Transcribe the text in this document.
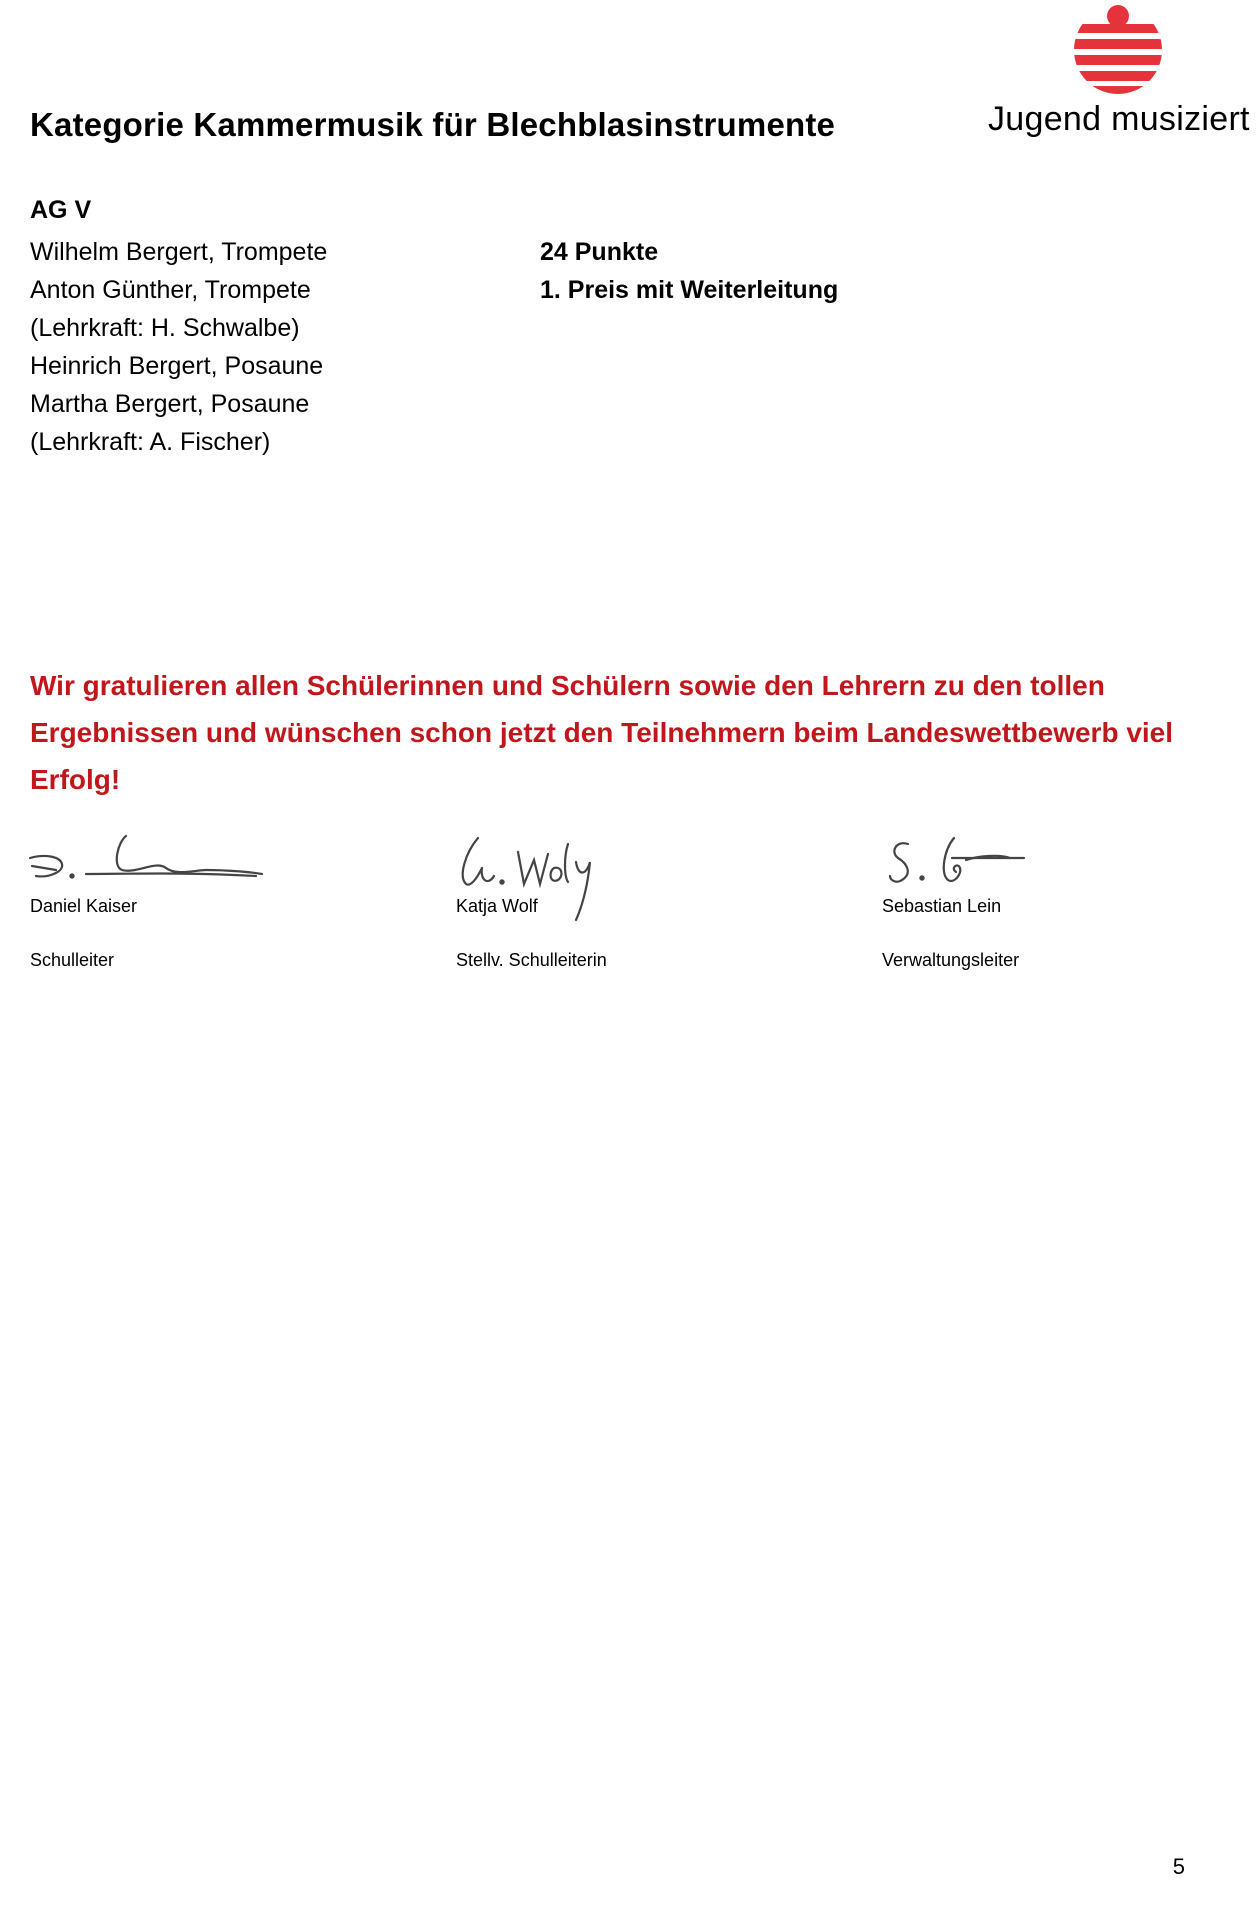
Kategorie Kammermusik für Blechblasinstrumente	Jugend musiziert
AG V
Wilhelm Bergert, Trompete
Anton Günther, Trompete
(Lehrkraft: H. Schwalbe)
Heinrich Bergert, Posaune
Martha Bergert, Posaune
(Lehrkraft: A. Fischer)
24 Punkte
1. Preis mit Weiterleitung
Wir gratulieren allen Schülerinnen und Schülern sowie den Lehrern zu den tollen Ergebnissen und wünschen schon jetzt den Teilnehmern beim Landeswettbewerb viel Erfolg!
Daniel Kaiser
Schulleiter
Katja Wolf
Stellv. Schulleiterin
Sebastian Lein
Verwaltungsleiter
5
